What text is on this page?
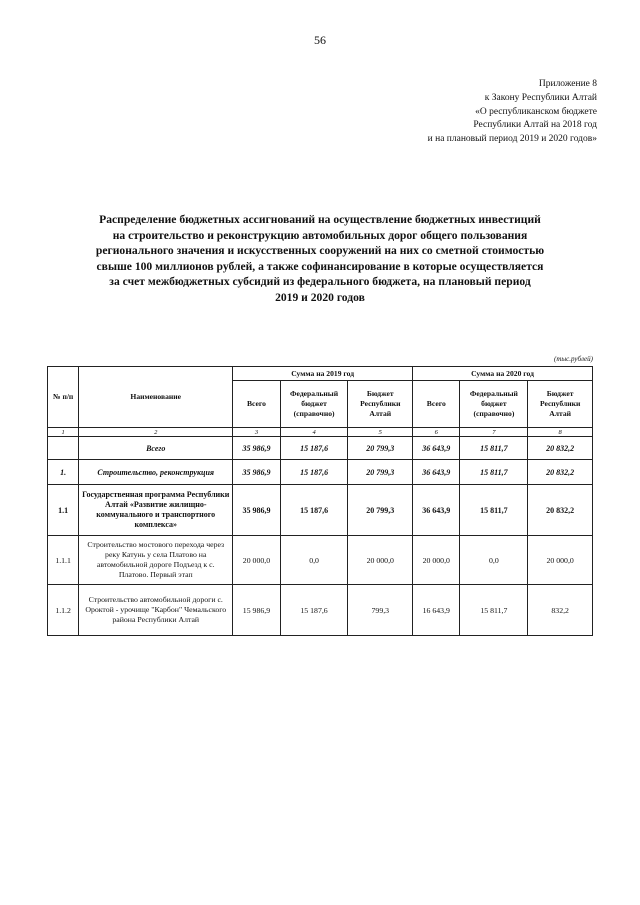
56
Приложение 8
к Закону Республики Алтай
«О республиканском бюджете
Республики Алтай на 2018 год
и на плановый период 2019 и 2020 годов»
Распределение бюджетных ассигнований на осуществление бюджетных инвестиций
на строительство и реконструкцию автомобильных дорог общего пользования
регионального значения и искусственных сооружений на них со сметной стоимостью
свыше 100 миллионов рублей, а также софинансирование в которые осуществляется
за счет межбюджетных субсидий из федерального бюджета, на плановый период
2019 и 2020 годов
(тыс.рублей)
№ п/п	Наименование	Сумма на 2019 год			Сумма на 2020 год		
		Всего	Федеральный бюджет (справочно)	Бюджет Республики Алтай	Всего	Федеральный бюджет (справочно)	Бюджет Республики Алтай
1	2	3	4	5	6	7	8
	Всего	35 986,9	15 187,6	20 799,3	36 643,9	15 811,7	20 832,2
1.	Строительство, реконструкция	35 986,9	15 187,6	20 799,3	36 643,9	15 811,7	20 832,2
1.1	Государственная программа Республики Алтай «Развитие жилищно-коммунального и транспортного комплекса»	35 986,9	15 187,6	20 799,3	36 643,9	15 811,7	20 832,2
1.1.1	Строительство мостового перехода через реку Катунь у села Платово на автомобильной дороге Подъезд к с. Платово. Первый этап	20 000,0	0,0	20 000,0	20 000,0	0,0	20 000,0
1.1.2	Строительство автомобильной дороги с. Ороктой - урочище "Карбон" Чемальского района Республики Алтай	15 986,9	15 187,6	799,3	16 643,9	15 811,7	832,2
